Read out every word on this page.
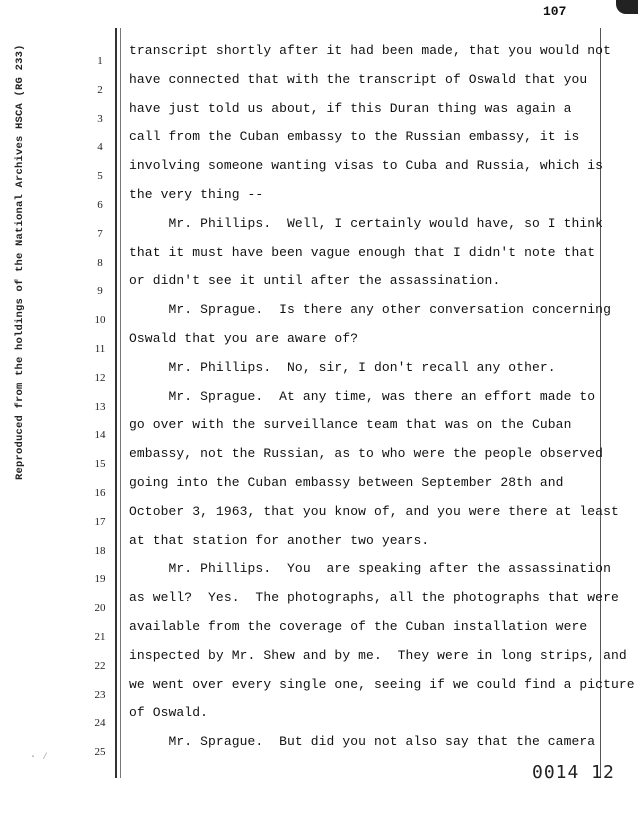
107
Reproduced from the holdings of the National Archives HSCA (RG 233)	1
transcript shortly after it had been made, that you would not
2
have connected that with the transcript of Oswald that you
3
have just told us about, if this Duran thing was again a
4
call from the Cuban embassy to the Russian embassy, it is
5
involving someone wanting visas to Cuba and Russia, which is
6
the very thing --
7
Mr. Phillips.  Well, I certainly would have, so I think
8
that it must have been vague enough that I didn't note that
9
or didn't see it until after the assassination.
10
Mr. Sprague.  Is there any other conversation concerning
11
Oswald that you are aware of?
12
Mr. Phillips.  No, sir, I don't recall any other.
13
Mr. Sprague.  At any time, was there an effort made to
14
go over with the surveillance team that was on the Cuban
15
embassy, not the Russian, as to who were the people observed
16
going into the Cuban embassy between September 28th and
17
October 3, 1963, that you know of, and you were there at least
18
at that station for another two years.
19
Mr. Phillips.  You  are speaking after the assassination
20
as well?  Yes.  The photographs, all the photographs that were
21
available from the coverage of the Cuban installation were
22
inspected by Mr. Shew and by me.  They were in long strips, and
23
we went over every single one, seeing if we could find a picture
24
of Oswald.
25
Mr. Sprague.  But did you not also say that the camera
· ⁄
0014 12
